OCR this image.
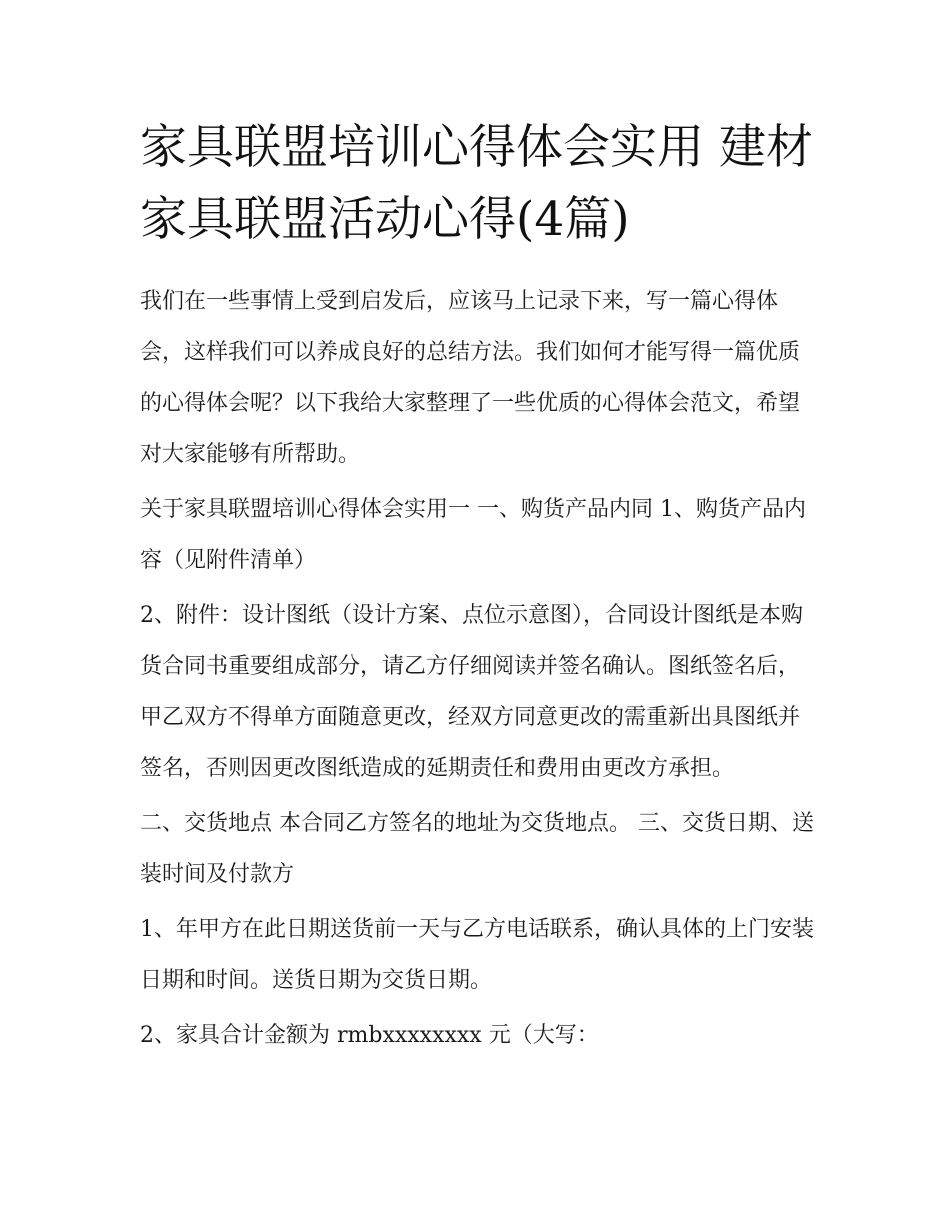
家具联盟培训心得体会实用 建材家具联盟活动心得(4篇)

我们在一些事情上受到启发后，应该马上记录下来，写一篇心得体会，这样我们可以养成良好的总结方法。我们如何才能写得一篇优质的心得体会呢？以下我给大家整理了一些优质的心得体会范文，希望对大家能够有所帮助。

关于家具联盟培训心得体会实用一 一、购货产品内同 1、购货产品内容（见附件清单）

2、附件：设计图纸（设计方案、点位示意图），合同设计图纸是本购货合同书重要组成部分，请乙方仔细阅读并签名确认。图纸签名后，甲乙双方不得单方面随意更改，经双方同意更改的需重新出具图纸并签名，否则因更改图纸造成的延期责任和费用由更改方承担。

二、交货地点 本合同乙方签名的地址为交货地点。 三、交货日期、送装时间及付款方

1、年甲方在此日期送货前一天与乙方电话联系，确认具体的上门安装日期和时间。送货日期为交货日期。

2、家具合计金额为 rmbxxxxxxxx 元（大写：
